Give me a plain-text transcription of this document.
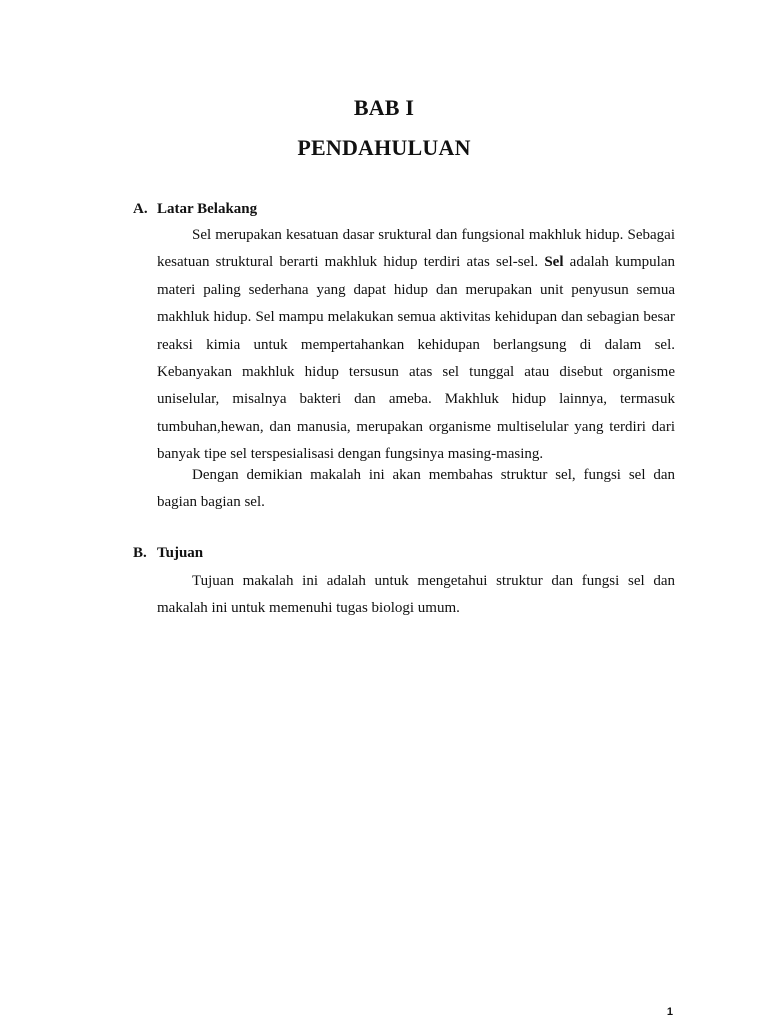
BAB I
PENDAHULUAN
A. Latar Belakang

Sel merupakan kesatuan dasar sruktural dan fungsional makhluk hidup. Sebagai kesatuan struktural berarti makhluk hidup terdiri atas sel-sel. Sel adalah kumpulan materi paling sederhana yang dapat hidup dan merupakan unit penyusun semua makhluk hidup. Sel mampu melakukan semua aktivitas kehidupan dan sebagian besar reaksi kimia untuk mempertahankan kehidupan berlangsung di dalam sel. Kebanyakan makhluk hidup tersusun atas sel tunggal atau disebut organisme uniselular, misalnya bakteri dan ameba. Makhluk hidup lainnya, termasuk tumbuhan,hewan, dan manusia, merupakan organisme multiselular yang terdiri dari banyak tipe sel terspesialisasi dengan fungsinya masing-masing.

Dengan demikian makalah ini akan membahas struktur sel, fungsi sel dan bagian bagian sel.

B. Tujuan

Tujuan makalah ini adalah untuk mengetahui struktur dan fungsi sel dan makalah ini untuk memenuhi tugas biologi umum.

1
